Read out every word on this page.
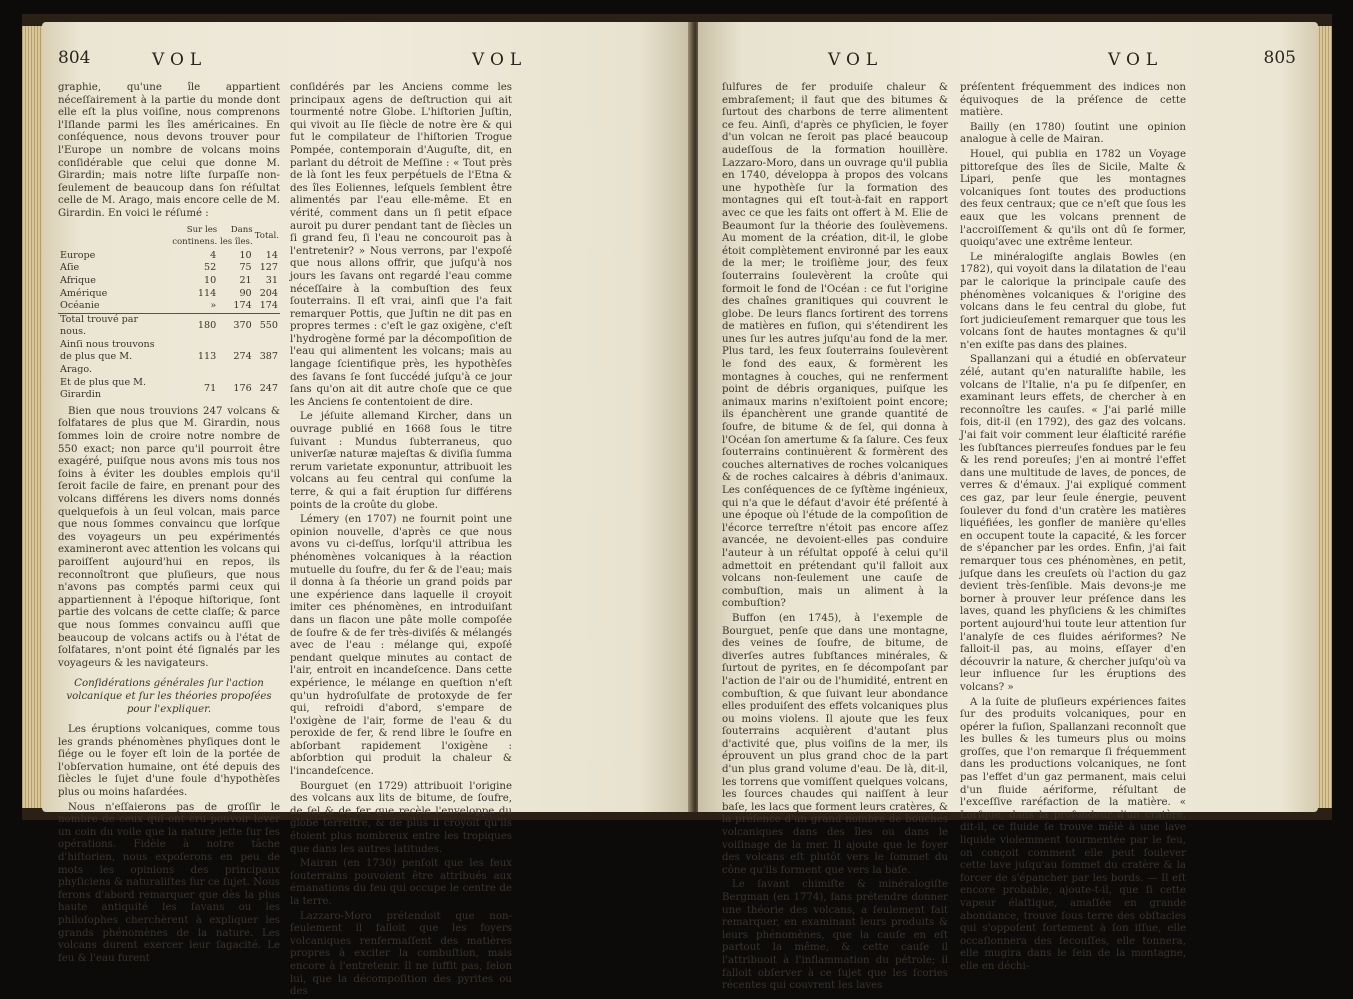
804	VOL	VOL

graphie, qu'une île appartient néceſſairement à la partie du monde dont elle eſt la plus voiſine, nous comprenons l'Iſlande parmi les îles américaines. En conſéquence, nous devons trouver pour l'Europe un nombre de volcans moins conſidérable que celui que donne M. Girardin; mais notre liſte ſurpaſſe non-ſeulement de beaucoup dans ſon réſultat celle de M. Arago, mais encore celle de M. Girardin. En voici le réſumé :

	Sur les continens.	Dans les îles.	Total.
Europe	4	10	14
Aſie	52	75	127
Afrique	10	21	31
Amérique	114	90	204
Océanie	»	174	174
Total trouvé par nous.	180	370	550
Ainſi nous trouvons de plus que M. Arago.	113	274	387
Et de plus que M. Girardin	71	176	247

Bien que nous trouvions 247 volcans & ſolfatares de plus que M. Girardin, nous ſommes loin de croire notre nombre de 550 exact; non parce qu'il pourroit être exagéré, puiſque nous avons mis tous nos ſoins à éviter les doubles emplois qu'il ſeroit facile de faire, en prenant pour des volcans différens les divers noms donnés quelquefois à un ſeul volcan, mais parce que nous ſommes convaincu que lorſque des voyageurs un peu expérimentés examineront avec attention les volcans qui paroiſſent aujourd'hui en repos, ils reconnoîtront que pluſieurs, que nous n'avons pas comptés parmi ceux qui appartiennent à l'époque hiſtorique, ſont partie des volcans de cette claſſe; & parce que nous ſommes convaincu auſſi que beaucoup de volcans actifs ou à l'état de ſolfatares, n'ont point été ſignalés par les voyageurs & les navigateurs.

Conſidérations générales ſur l'action volcanique et ſur les théories propoſées pour l'expliquer.

Les éruptions volcaniques, comme tous les grands phénomènes phyſiques dont le ſiége ou le foyer eſt loin de la portée de l'obſervation humaine, ont été depuis des ſiècles le ſujet d'une foule d'hypothèſes plus ou moins haſardées.

Nous n'eſſaierons pas de groſſir le nombre de ceux qui ont cru pouvoir lever un coin du voile que la nature jette ſur ſes opérations. Fidèle à notre tâche d'hiſtorien, nous expoſerons en peu de mots les opinions des principaux phyſiciens & naturaliſtes ſur ce ſujet. Nous ferons d'abord remarquer que dès la plus haute antiquité les ſavans ou les philoſophes cherchèrent à expliquer les grands phénomènes de la nature. Les volcans durent exercer leur ſagacité. Le feu & l'eau furent

conſidérés par les Anciens comme les principaux agens de deſtruction qui ait tourmenté notre Globe. L'hiſtorien Juſtin, qui vivoit au IIe ſiècle de notre ère & qui fut le compilateur de l'hiſtorien Trogue Pompée, contemporain d'Auguſte, dit, en parlant du détroit de Meſſine : « Tout près de là ſont les feux perpétuels de l'Etna & des îles Eoliennes, leſquels ſemblent être alimentés par l'eau elle-même. Et en vérité, comment dans un ſi petit eſpace auroit pu durer pendant tant de ſiècles un ſi grand feu, ſi l'eau ne concouroit pas à l'entretenir? » Nous verrons, par l'expoſé que nous allons offrir, que juſqu'à nos jours les ſavans ont regardé l'eau comme néceſſaire à la combuſtion des feux ſouterrains. Il eſt vrai, ainſi que l'a fait remarquer Pottis, que Juſtin ne dit pas en propres termes : c'eſt le gaz oxigène, c'eſt l'hydrogène formé par la décompoſition de l'eau qui alimentent les volcans; mais au langage ſcientifique près, les hypothèſes des ſavans ſe ſont ſuccédé juſqu'à ce jour ſans qu'on ait dit autre choſe que ce que les Anciens ſe contentoient de dire.

Le jéſuite allemand Kircher, dans un ouvrage publié en 1668 ſous le titre ſuivant : Mundus ſubterraneus, quo univerſæ naturæ majeſtas & diviſia ſumma rerum varietate exponuntur, attribuoit les volcans au feu central qui conſume la terre, & qui a fait éruption ſur différens points de la croûte du globe.

Lémery (en 1707) ne fournit point une opinion nouvelle, d'après ce que nous avons vu ci-deſſus, lorſqu'il attribua les phénomènes volcaniques à la réaction mutuelle du ſoufre, du fer & de l'eau; mais il donna à ſa théorie un grand poids par une expérience dans laquelle il croyoit imiter ces phénomènes, en introduiſant dans un flacon une pâte molle compoſée de ſoufre & de fer très-diviſés & mélangés avec de l'eau : mélange qui, expoſé pendant quelque minutes au contact de l'air, entroit en incandeſcence. Dans cette expérience, le mélange en queſtion n'eſt qu'un hydroſulfate de protoxyde de fer qui, refroidi d'abord, s'empare de l'oxigène de l'air, forme de l'eau & du peroxide de fer, & rend libre le ſoufre en abſorbant rapidement l'oxigène : abſorbtion qui produit la chaleur & l'incandeſcence.

Bourguet (en 1729) attribuoit l'origine des volcans aux lits de bitume, de ſoufre, de ſel & de fer que recèle l'enveloppe du globe terreſtre, & de plus il croyoit qu'ils étoient plus nombreux entre les tropiques que dans les autres latitudes.

Mairan (en 1730) penſoit que les feux ſouterrains pouvoient être attribués aux émanations du feu qui occupe le centre de la terre.

Lazzaro-Moro prétendoit que non-ſeulement il falloit que les foyers volcaniques renfermaſſent des matières propres à exciter la combuſtion, mais encore à l'entretenir. Il ne ſuffit pas, ſelon lui, que la décompoſition des pyrites ou des

VOL	VOL	805

ſulfures de fer produiſe chaleur & embraſement; il faut que des bitumes & ſurtout des charbons de terre alimentent ce feu. Ainſi, d'après ce phyſicien, le foyer d'un volcan ne ſeroit pas placé beaucoup audeſſous de la formation houillère. Lazzaro-Moro, dans un ouvrage qu'il publia en 1740, développa à propos des volcans une hypothèſe ſur la formation des montagnes qui eſt tout-à-fait en rapport avec ce que les faits ont offert à M. Elie de Beaumont ſur la théorie des ſoulèvemens. Au moment de la création, dit-il, le globe étoit complètement environné par les eaux de la mer; le troiſième jour, des feux ſouterrains ſoulevèrent la croûte qui formoit le fond de l'Océan : ce fut l'origine des chaînes granitiques qui couvrent le globe. De leurs flancs ſortirent des torrens de matières en fuſion, qui s'étendirent les unes ſur les autres juſqu'au fond de la mer. Plus tard, les feux ſouterrains ſoulevèrent le fond des eaux, & formèrent les montagnes à couches, qui ne renferment point de débris organiques, puiſque les animaux marins n'exiſtoient point encore; ils épanchèrent une grande quantité de ſoufre, de bitume & de ſel, qui donna à l'Océan ſon amertume & ſa ſalure. Ces feux ſouterrains continuèrent & formèrent des couches alternatives de roches volcaniques & de roches calcaires à débris d'animaux. Les conſéquences de ce ſyſtème ingénieux, qui n'a que le défaut d'avoir été préſenté à une époque où l'étude de la compoſition de l'écorce terreſtre n'étoit pas encore aſſez avancée, ne devoient-elles pas conduire l'auteur à un réſultat oppoſé à celui qu'il admettoit en prétendant qu'il falloit aux volcans non-ſeulement une cauſe de combuſtion, mais un aliment à la combuſtion?

Buffon (en 1745), à l'exemple de Bourguet, penſe que dans une montagne, des veines de ſoufre, de bitume, de diverſes autres ſubſtances minérales, & ſurtout de pyrites, en ſe décompoſant par l'action de l'air ou de l'humidité, entrent en combuſtion, & que ſuivant leur abondance elles produiſent des effets volcaniques plus ou moins violens. Il ajoute que les feux ſouterrains acquièrent d'autant plus d'activité que, plus voiſins de la mer, ils éprouvent un plus grand choc de la part d'un plus grand volume d'eau. De là, dit-il, les torrens que vomiſſent quelques volcans, les ſources chaudes qui naiſſent à leur baſe, les lacs que forment leurs cratères, & la préſence d'un grand nombre de bouches volcaniques dans des îles ou dans le voiſinage de la mer. Il ajoute que le foyer des volcans eſt plutôt vers le ſommet du cône qu'ils forment que vers la baſe.

Le ſavant chimiſte & minéralogiſte Bergman (en 1774), ſans prétendre donner une théorie des volcans, a ſeulement fait remarquer, en examinant leurs produits & leurs phénomènes, que la cauſe en eſt partout la même, & cette cauſe il l'attribuoit à l'inflammation du pétrole; il falloit obſerver à ce ſujet que les ſcories récentes qui couvrent les laves

préſentent fréquemment des indices non équivoques de la préſence de cette matière.

Bailly (en 1780) ſoutint une opinion analogue à celle de Mairan.

Houel, qui publia en 1782 un Voyage pittoreſque des îles de Sicile, Malte & Lipari, penſe que les montagnes volcaniques ſont toutes des productions des feux centraux; que ce n'eſt que ſous les eaux que les volcans prennent de l'accroiſſement & qu'ils ont dû ſe former, quoiqu'avec une extrême lenteur.

Le minéralogiſte anglais Bowles (en 1782), qui voyoit dans la dilatation de l'eau par le calorique la principale cauſe des phénomènes volcaniques & l'origine des volcans dans le feu central du globe, fut ſort judicieuſement remarquer que tous les volcans ſont de hautes montagnes & qu'il n'en exiſte pas dans des plaines.

Spallanzani qui a étudié en obſervateur zélé, autant qu'en naturaliſte habile, les volcans de l'Italie, n'a pu ſe diſpenſer, en examinant leurs effets, de chercher à en reconnoître les cauſes. « J'ai parlé mille fois, dit-il (en 1792), des gaz des volcans. J'ai fait voir comment leur élaſticité raréfie les ſubſtances pierreuſes fondues par le feu & les rend poreuſes; j'en ai montré l'effet dans une multitude de laves, de ponces, de verres & d'émaux. J'ai expliqué comment ces gaz, par leur ſeule énergie, peuvent ſoulever du fond d'un cratère les matières liquéfiées, les gonfler de manière qu'elles en occupent toute la capacité, & les forcer de s'épancher par les ordes. Enfin, j'ai fait remarquer tous ces phénomènes, en petit, juſque dans les creuſets où l'action du gaz devient très-ſenſible. Mais devons-je me borner à prouver leur préſence dans les laves, quand les phyſiciens & les chimiſtes portent aujourd'hui toute leur attention ſur l'analyſe de ces fluides aériformes? Ne falloit-il pas, au moins, eſſayer d'en découvrir la nature, & chercher juſqu'où va leur influence ſur les éruptions des volcans? »

A la ſuite de pluſieurs expériences faites ſur des produits volcaniques, pour en opérer la fuſion, Spallanzani reconnoît que les bulles & les tumeurs plus ou moins groſſes, que l'on remarque ſi fréquemment dans les productions volcaniques, ne ſont pas l'effet d'un gaz permanent, mais celui d'un fluide aériforme, réſultant de l'exceſſive raréfaction de la matière. « Lorſque, dans la profondeur d'un cratère, dit-il, ce fluide ſe trouve mêlé à une lave liquide violemment tourmentée par le feu, on conçoit comment elle peut ſoulever cette lave juſqu'au ſommet du cratère & la forcer de s'épancher par les bords. — Il eſt encore probable, ajoute-t-il, que ſi cette vapeur élaſtique, amaſſée en grande abondance, trouve ſous terre des obſtacles qui s'oppoſent fortement à ſon iſſue, elle occaſionnera des ſecouſſes, elle tonnera, elle mugira dans le ſein de la montagne, elle en déchi-
